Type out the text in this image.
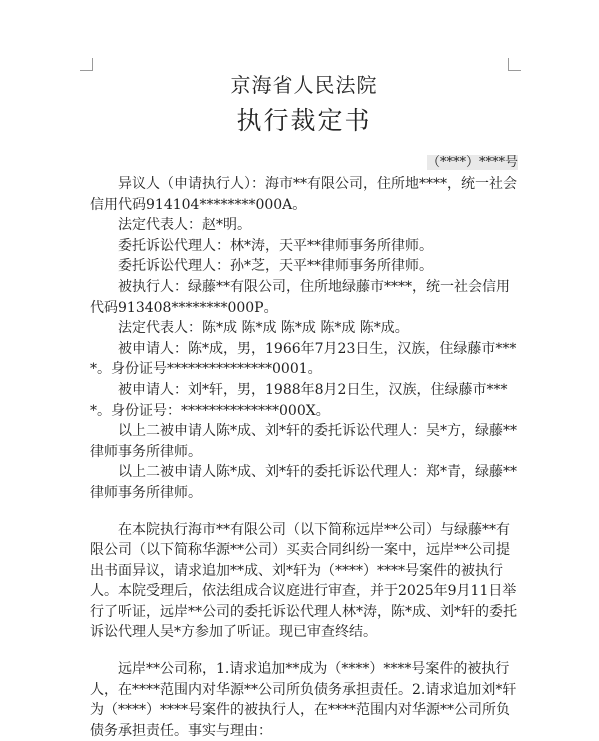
京海省人民法院
执行裁定书
（****）****号

异议人（申请执行人）：海市**有限公司，住所地****，统一社会信用代码914104********000A。

法定代表人：赵*明。

委托诉讼代理人：林*涛，天平**律师事务所律师。

委托诉讼代理人：孙*芝，天平**律师事务所律师。

被执行人：绿藤**有限公司，住所地绿藤市****，统一社会信用代码913408********000P。

法定代表人：陈*成 陈*成 陈*成 陈*成 陈*成。

被申请人：陈*成，男，1966年7月23日生，汉族，住绿藤市****。身份证号***************0001。

被申请人：刘*轩，男，1988年8月2日生，汉族，住绿藤市****。身份证号：**************000X。

以上二被申请人陈*成、刘*轩的委托诉讼代理人：吴*方，绿藤**律师事务所律师。

以上二被申请人陈*成、刘*轩的委托诉讼代理人：郑*青，绿藤**律师事务所律师。

在本院执行海市**有限公司（以下简称远岸**公司）与绿藤**有限公司（以下简称华源**公司）买卖合同纠纷一案中，远岸**公司提出书面异议，请求追加**成、刘*轩为（****）****号案件的被执行人。本院受理后，依法组成合议庭进行审查，并于2025年9月11日举行了听证，远岸**公司的委托诉讼代理人林*涛，陈*成、刘*轩的委托诉讼代理人吴*方参加了听证。现已审查终结。

远岸**公司称，1.请求追加**成为（****）****号案件的被执行人，在****范围内对华源**公司所负债务承担责任。2.请求追加刘*轩为（****）****号案件的被执行人，在****范围内对华源**公司所负债务承担责任。事实与理由：
